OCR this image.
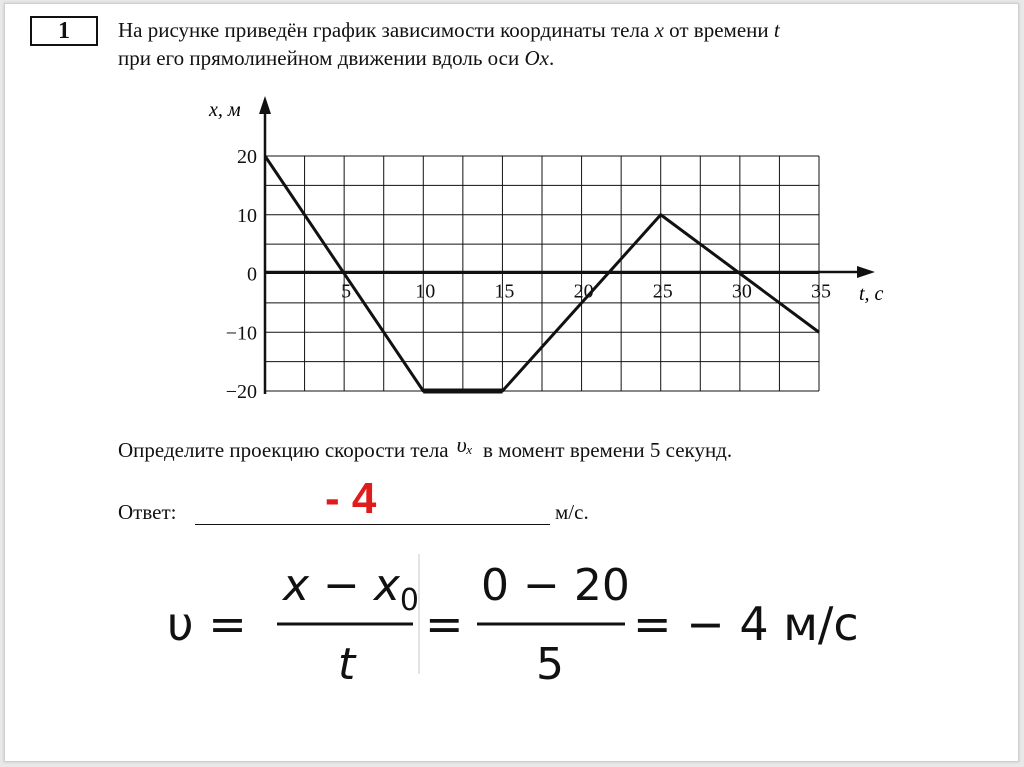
1	На рисунке приведён график зависимости координаты тела x от времени t
при его прямолинейном движении вдоль оси Ox.
5	10	15	20	25	30	35
20
10
0
−10
−20
x, м
t, с
Определите проекцию скорости тела υₓ в момент времени 5 секунд.
Ответ:	м/с.
- 4
υ =
$x - x_0$
t
=
0 − 20
5
= − 4 м/с
